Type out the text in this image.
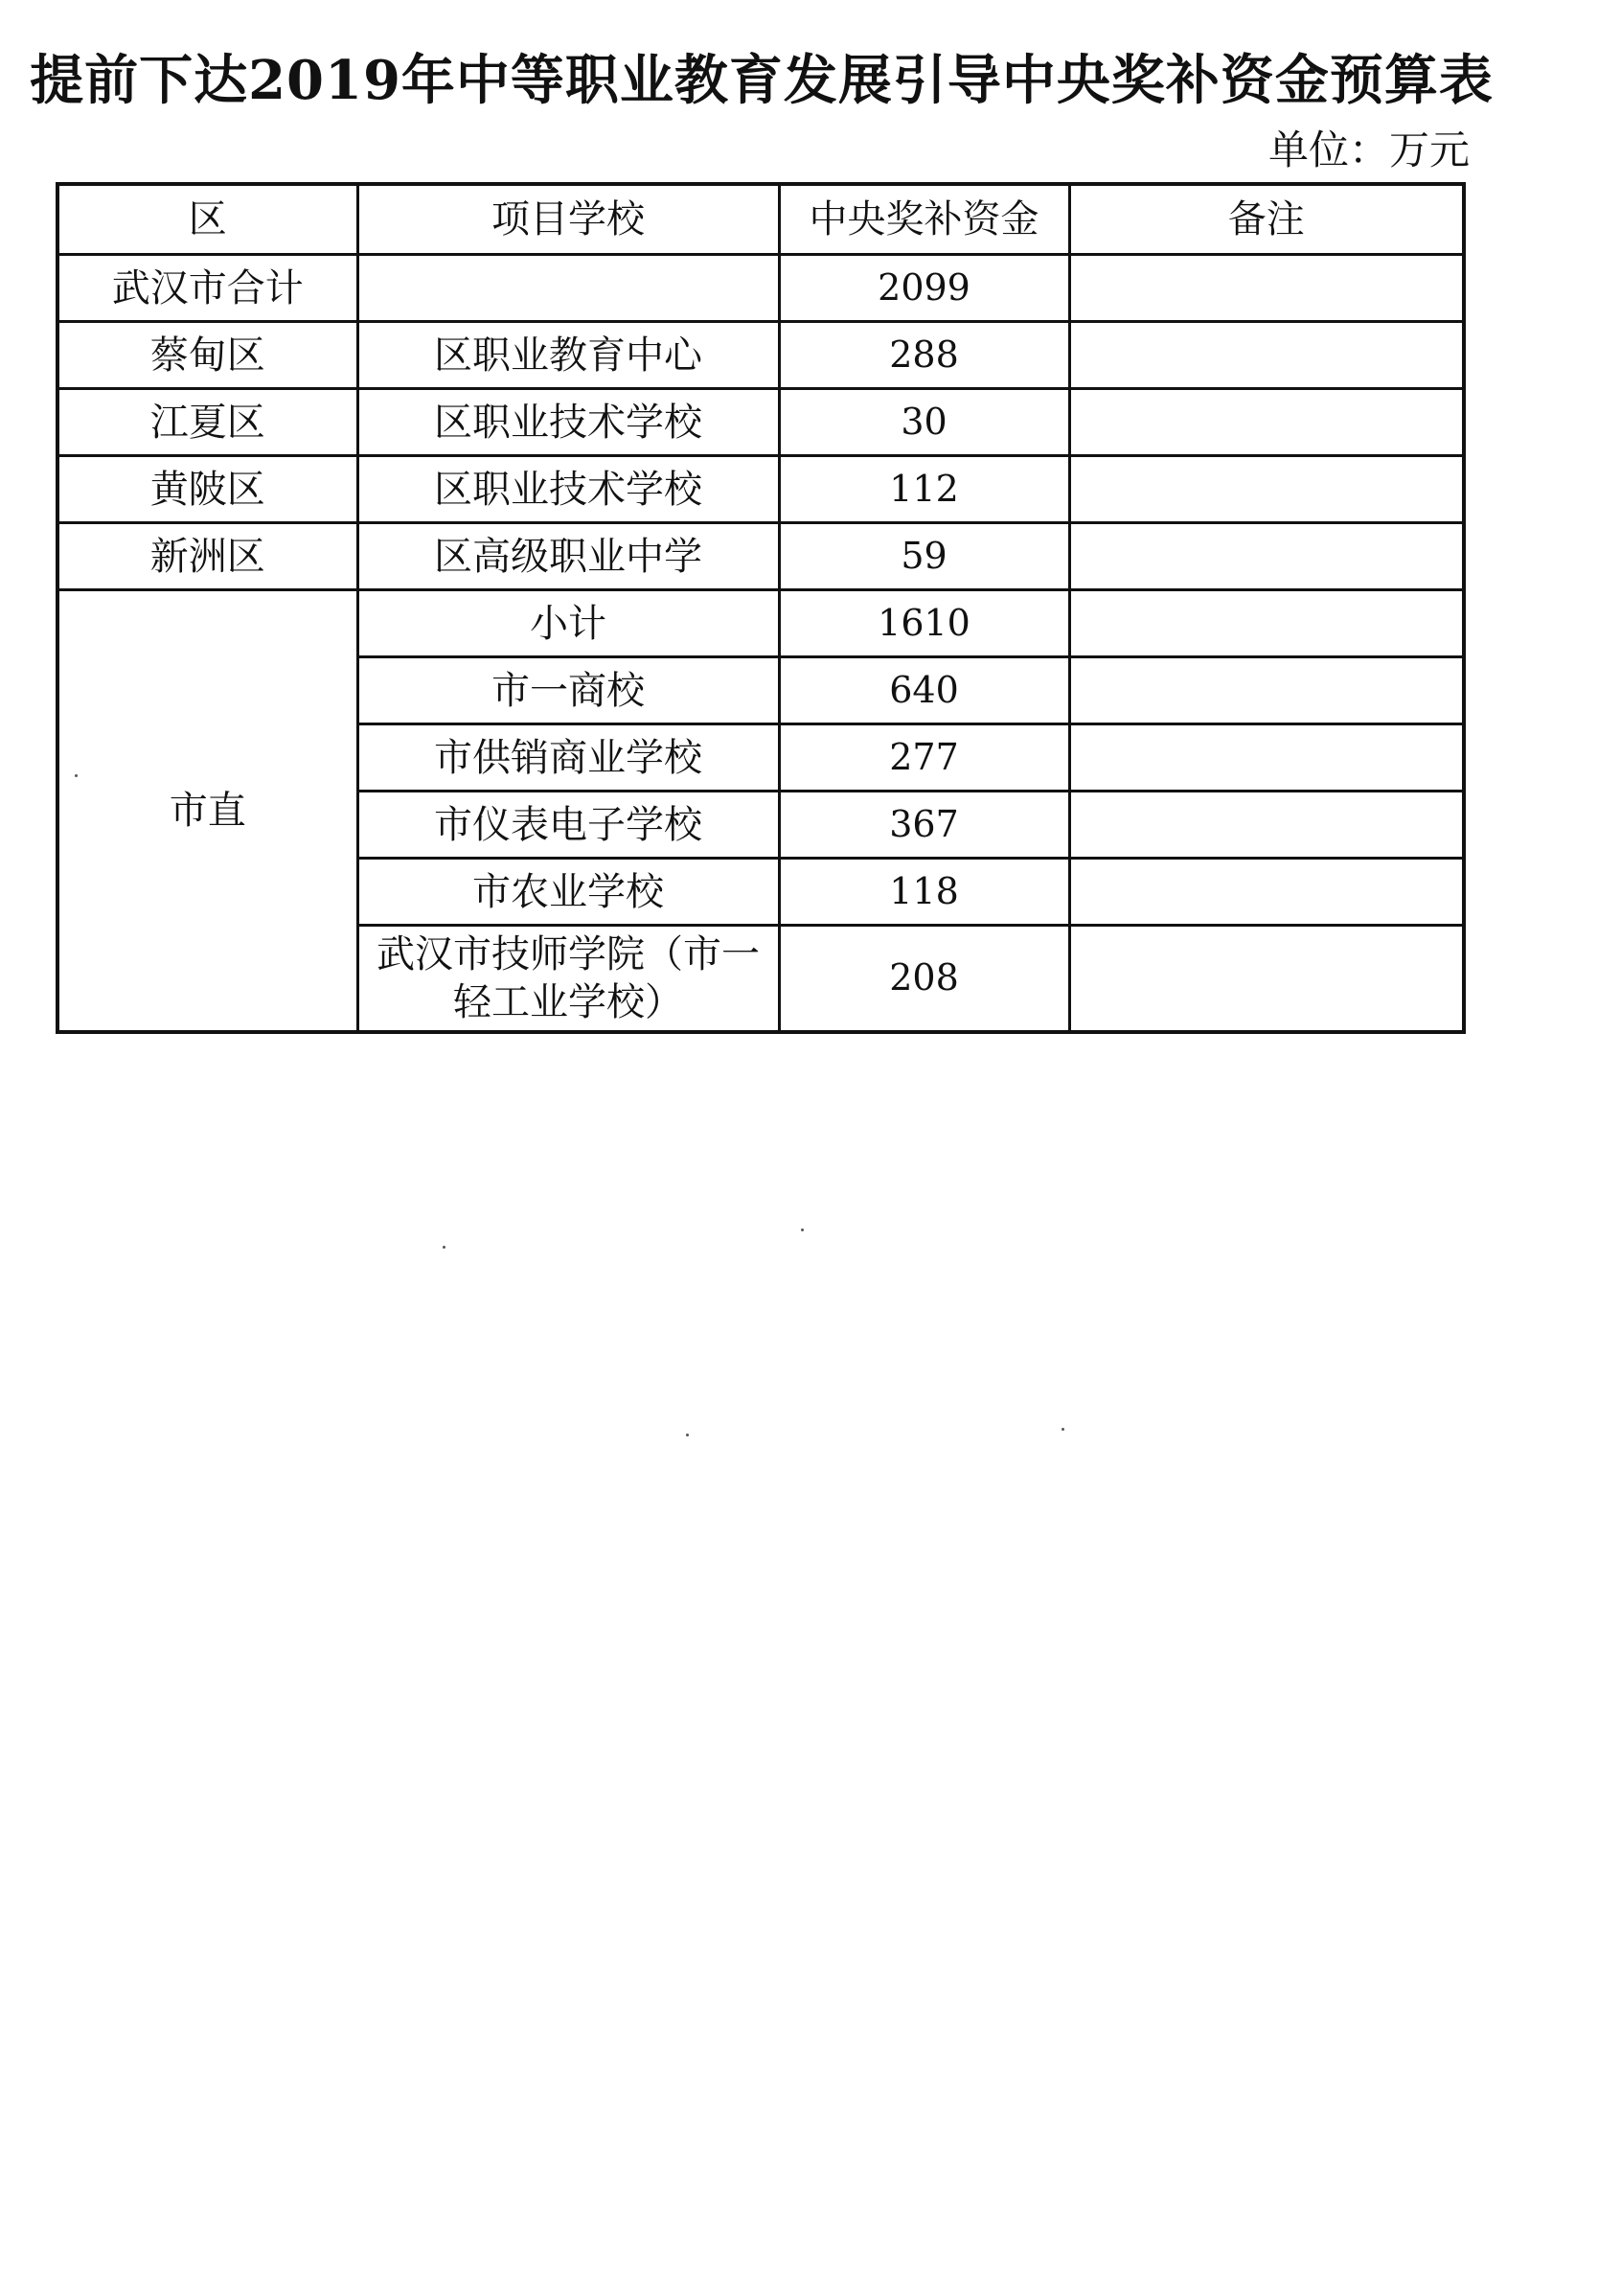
提前下达2019年中等职业教育发展引导中央奖补资金预算表
单位：万元
区	项目学校	中央奖补资金	备注
武汉市合计		2099	
蔡甸区	区职业教育中心	288	
江夏区	区职业技术学校	30	
黄陂区	区职业技术学校	112	
新洲区	区高级职业中学	59	
市直	小计	1610	
	市一商校	640	
	市供销商业学校	277	
	市仪表电子学校	367	
	市农业学校	118	
	武汉市技师学院（市一轻工业学校）	208	
